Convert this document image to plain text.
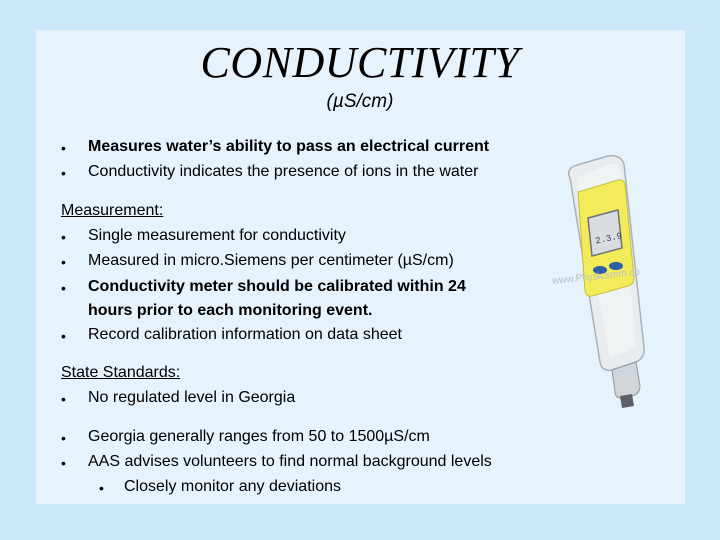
CONDUCTIVITY
(µS/cm)
• Measures water’s ability to pass an electrical current
• Conductivity indicates the presence of ions in the water
Measurement:
• Single measurement for conductivity
• Measured in micro.Siemens per centimeter (µS/cm)
• Conductivity meter should be calibrated within 24
hours prior to each monitoring event.
• Record calibration information on data sheet
State Standards:
• No regulated level in Georgia
• Georgia generally ranges from 50 to 1500µS/cm
• AAS advises volunteers to find normal background levels
• Closely monitor any deviations
2.3.9
www.Physicsmm.co
